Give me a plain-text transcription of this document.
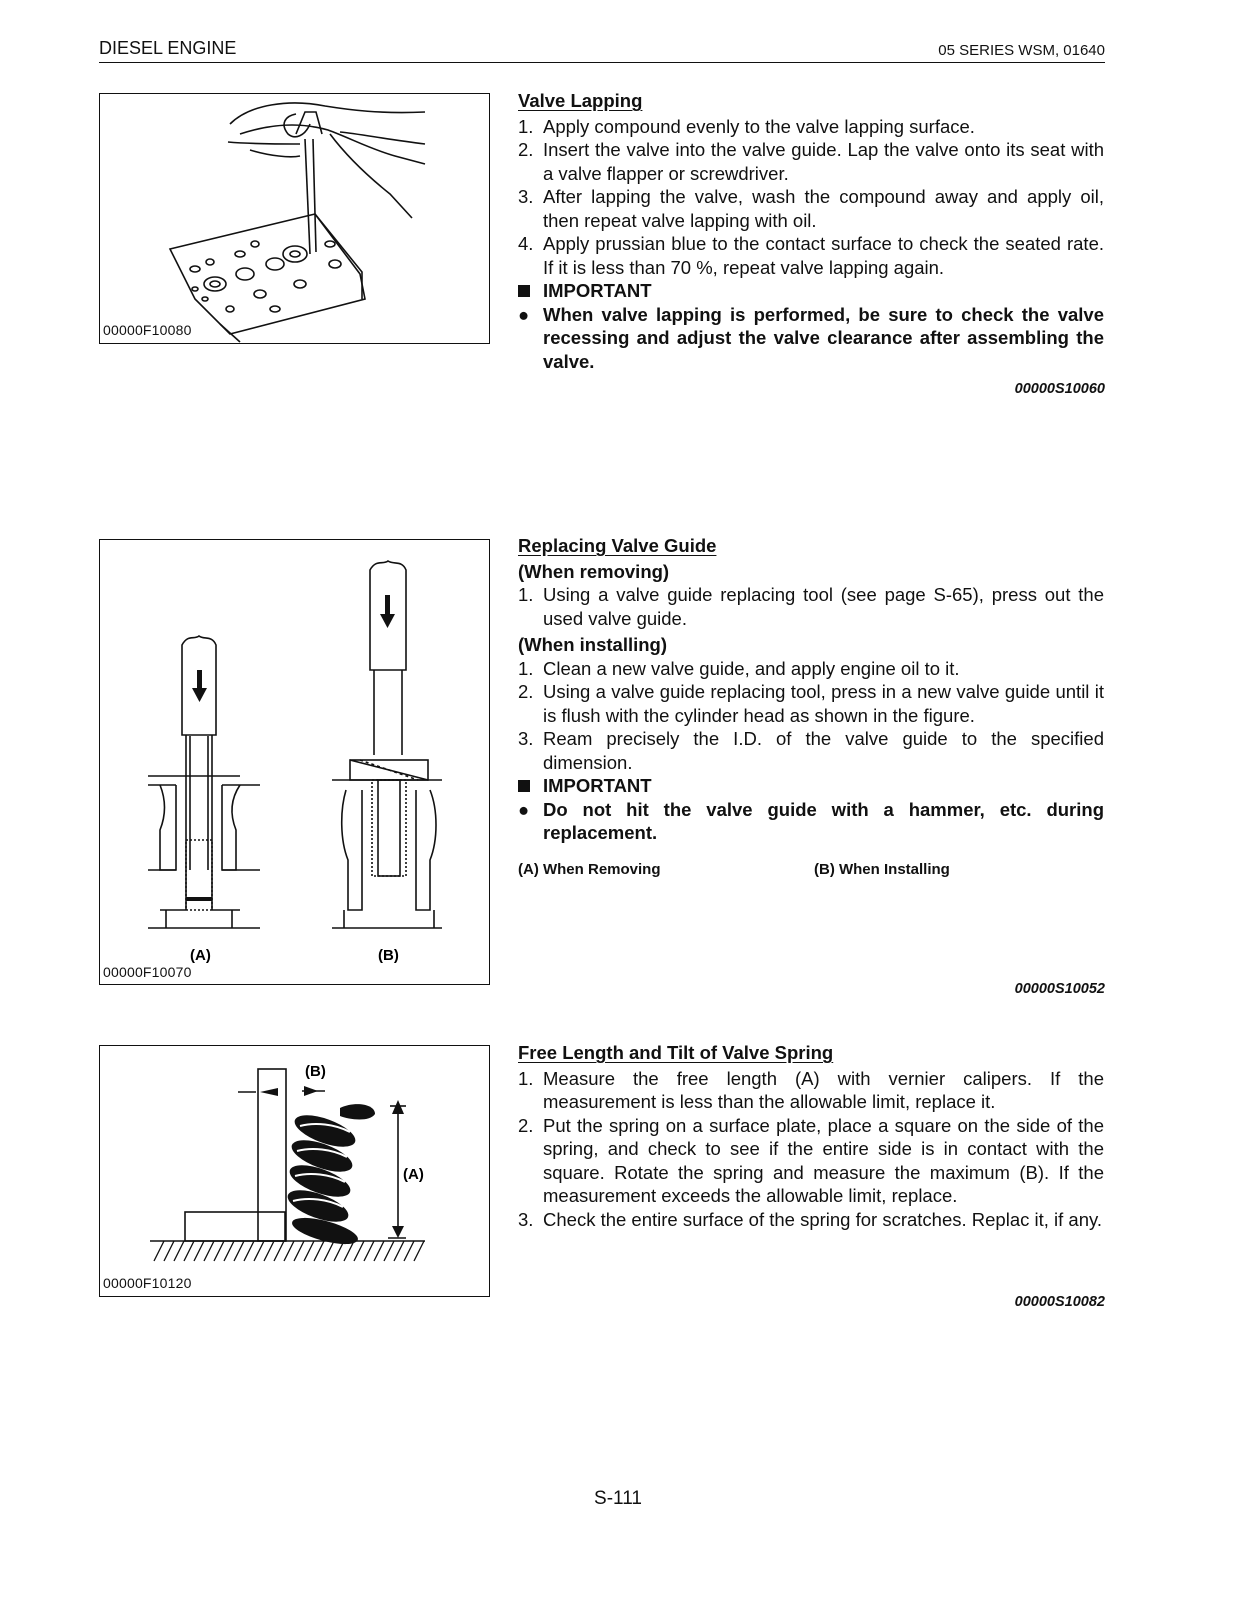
DIESEL ENGINE	05 SERIES WSM, 01640
00000F10080
Valve Lapping
1. Apply compound evenly to the valve lapping surface.
2. Insert the valve into the valve guide. Lap the valve onto its seat with a valve flapper or screwdriver.
3. After lapping the valve, wash the compound away and apply oil, then repeat valve lapping with oil.
4. Apply prussian blue to the contact surface to check the seated rate. If it is less than 70 %, repeat valve lapping again.
IMPORTANT
● When valve lapping is performed, be sure to check the valve recessing and adjust the valve clearance after assembling the valve.
00000S10060
(A)	(B)
00000F10070
Replacing Valve Guide
(When removing)
1. Using a valve guide replacing tool (see page S-65), press out the used valve guide.
(When installing)
1. Clean a new valve guide, and apply engine oil to it.
2. Using a valve guide replacing tool, press in a new valve guide until it is flush with the cylinder head as shown in the figure.
3. Ream precisely the I.D. of the valve guide to the specified dimension.
IMPORTANT
● Do not hit the valve guide with a hammer, etc. during replacement.
(A) When Removing	(B) When Installing
00000S10052
(B)
(A)
00000F10120
Free Length and Tilt of Valve Spring
1. Measure the free length (A) with vernier calipers. If the measurement is less than the allowable limit, replace it.
2. Put the spring on a surface plate, place a square on the side of the spring, and check to see if the entire side is in contact with the square. Rotate the spring and measure the maximum (B). If the measurement exceeds the allowable limit, replace.
3. Check the entire surface of the spring for scratches. Replac it, if any.
00000S10082
S-111
